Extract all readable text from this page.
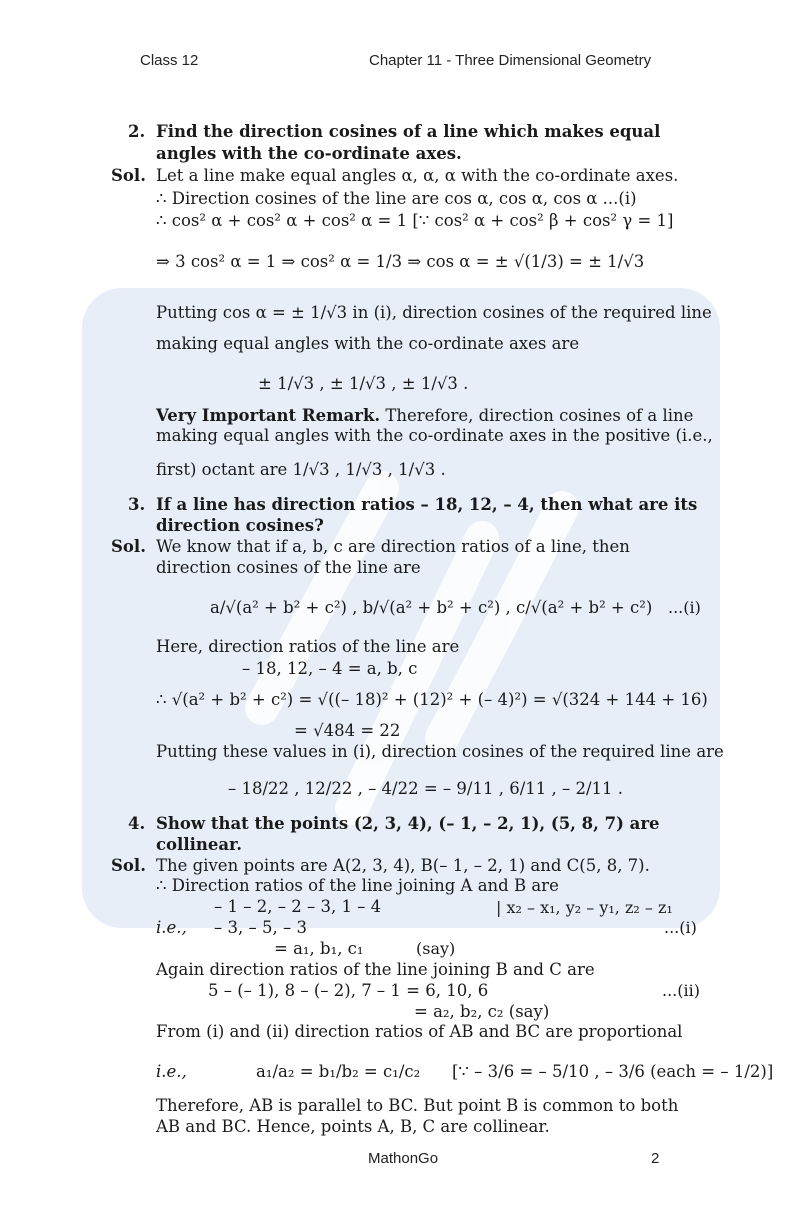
Class 12	Chapter 11 - Three Dimensional Geometry
2. Find the direction cosines of a line which makes equal
angles with the co-ordinate axes.
Sol. Let a line make equal angles α, α, α with the co-ordinate axes.
∴ Direction cosines of the line are cos α, cos α, cos α ...(i)
∴ cos² α + cos² α + cos² α = 1 [∵ cos² α + cos² β + cos² γ = 1]
⇒ 3 cos² α = 1 ⇒ cos² α = 1/3 ⇒ cos α = ± √(1/3) = ± 1/√3
Putting cos α = ± 1/√3 in (i), direction cosines of the required line
making equal angles with the co-ordinate axes are
± 1/√3 , ± 1/√3 , ± 1/√3 .
Very Important Remark. Therefore, direction cosines of a line
making equal angles with the co-ordinate axes in the positive (i.e.,
first) octant are 1/√3 , 1/√3 , 1/√3 .
3. If a line has direction ratios – 18, 12, – 4, then what are its
direction cosines?
Sol. We know that if a, b, c are direction ratios of a line, then
direction cosines of the line are
a/√(a² + b² + c²) , b/√(a² + b² + c²) , c/√(a² + b² + c²) ...(i)
Here, direction ratios of the line are
– 18, 12, – 4 = a, b, c
∴ √(a² + b² + c²) = √((– 18)² + (12)² + (– 4)²) = √(324 + 144 + 16)
= √484 = 22
Putting these values in (i), direction cosines of the required line are
– 18/22 , 12/22 , – 4/22 = – 9/11 , 6/11 , – 2/11 .
4. Show that the points (2, 3, 4), (– 1, – 2, 1), (5, 8, 7) are
collinear.
Sol. The given points are A(2, 3, 4), B(– 1, – 2, 1) and C(5, 8, 7).
∴ Direction ratios of the line joining A and B are
– 1 – 2, – 2 – 3, 1 – 4	| x₂ – x₁, y₂ – y₁, z₂ – z₁
i.e., – 3, – 5, – 3	...(i)
= a₁, b₁, c₁	(say)
Again direction ratios of the line joining B and C are
5 – (– 1), 8 – (– 2), 7 – 1 = 6, 10, 6	...(ii)
= a₂, b₂, c₂ (say)
From (i) and (ii) direction ratios of AB and BC are proportional
i.e.,	a₁/a₂ = b₁/b₂ = c₁/c₂ [∵ – 3/6 = – 5/10 , – 3/6 (each = – 1/2)]
Therefore, AB is parallel to BC. But point B is common to both
AB and BC. Hence, points A, B, C are collinear.
MathonGo	2
